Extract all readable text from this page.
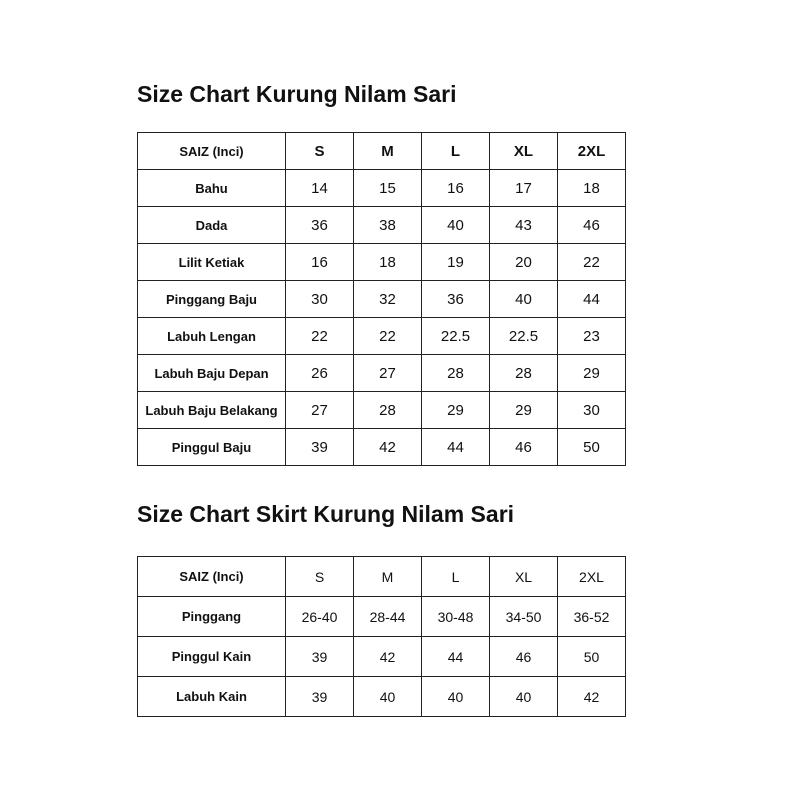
Size Chart Kurung Nilam Sari
SAIZ (Inci)	S	M	L	XL	2XL
Bahu	14	15	16	17	18
Dada	36	38	40	43	46
Lilit Ketiak	16	18	19	20	22
Pinggang Baju	30	32	36	40	44
Labuh Lengan	22	22	22.5	22.5	23
Labuh Baju Depan	26	27	28	28	29
Labuh Baju Belakang	27	28	29	29	30
Pinggul Baju	39	42	44	46	50
Size Chart Skirt Kurung Nilam Sari
SAIZ (Inci)	S	M	L	XL	2XL
Pinggang	26-40	28-44	30-48	34-50	36-52
Pinggul Kain	39	42	44	46	50
Labuh Kain	39	40	40	40	42
